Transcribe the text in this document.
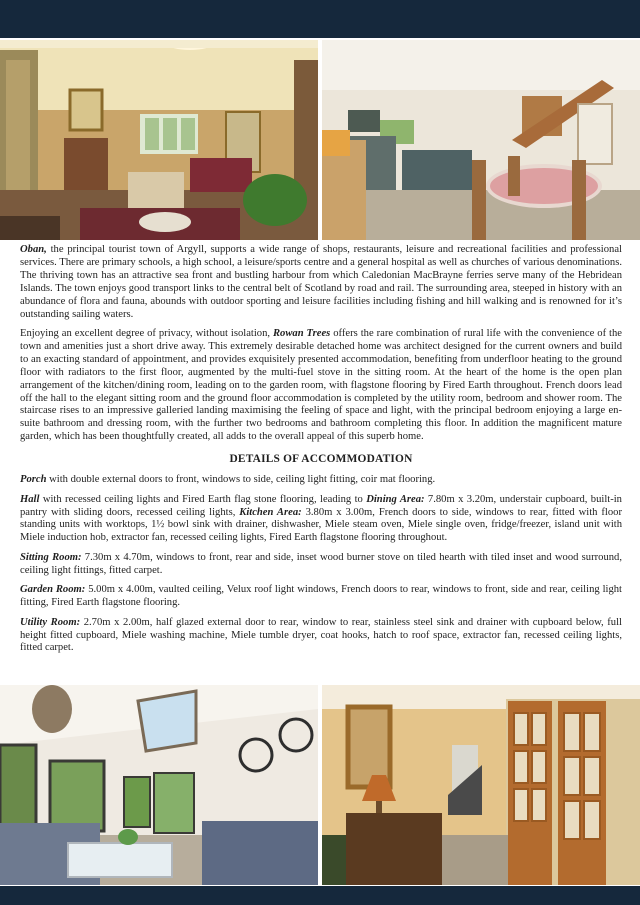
Oban, the principal tourist town of Argyll, supports a wide range of shops, restaurants, leisure and recreational facilities and professional services. There are primary schools, a high school, a leisure/sports centre and a general hospital as well as churches of various denominations. The thriving town has an attractive sea front and bustling harbour from which Caledonian MacBrayne ferries serve many of the Hebridean Islands. The town enjoys good transport links to the central belt of Scotland by road and rail. The surrounding area, steeped in history with an abundance of flora and fauna, abounds with outdoor sporting and leisure facilities including fishing and hill walking and is renowned for it’s outstanding sailing waters.

Enjoying an excellent degree of privacy, without isolation, Rowan Trees offers the rare combination of rural life with the convenience of the town and amenities just a short drive away. This extremely desirable detached home was architect designed for the current owners and build to an exacting standard of appointment, and provides exquisitely presented accommodation, benefiting from underfloor heating to the ground floor with radiators to the first floor, augmented by the multi-fuel stove in the sitting room. At the heart of the home is the open plan arrangement of the kitchen/dining room, leading on to the garden room, with flagstone flooring by Fired Earth throughout. French doors lead off the hall to the elegant sitting room and the ground floor accommodation is completed by the utility room, bedroom and shower room. The staircase rises to an impressive galleried landing maximising the feeling of space and light, with the principal bedroom enjoying a large en-suite bathroom and dressing room, with the further two bedrooms and bathroom completing this floor. In addition the magnificent mature garden, which has been thoughtfully created, all adds to the overall appeal of this superb home.

DETAILS OF ACCOMMODATION

Porch with double external doors to front, windows to side, ceiling light fitting, coir mat flooring.

Hall with recessed ceiling lights and Fired Earth flag stone flooring, leading to Dining Area: 7.80m x 3.20m, understair cupboard, built-in pantry with sliding doors, recessed ceiling lights, Kitchen Area: 3.80m x 3.00m, French doors to side, windows to rear, fitted with floor standing units with worktops, 1½ bowl sink with drainer, dishwasher, Miele steam oven, Miele single oven, fridge/freezer, island unit with Miele induction hob, extractor fan, recessed ceiling lights, Fired Earth flagstone flooring throughout.

Sitting Room: 7.30m x 4.70m, windows to front, rear and side, inset wood burner stove on tiled hearth with tiled inset and wood surround, ceiling light fittings, fitted carpet.

Garden Room: 5.00m x 4.00m, vaulted ceiling, Velux roof light windows, French doors to rear, windows to front, side and rear, ceiling light fitting, Fired Earth flagstone flooring.

Utility Room: 2.70m x 2.00m, half glazed external door to rear, window to rear, stainless steel sink and drainer with cupboard below, full height fitted cupboard, Miele washing machine, Miele tumble dryer, coat hooks, hatch to roof space, extractor fan, recessed ceiling lights, fitted carpet.
